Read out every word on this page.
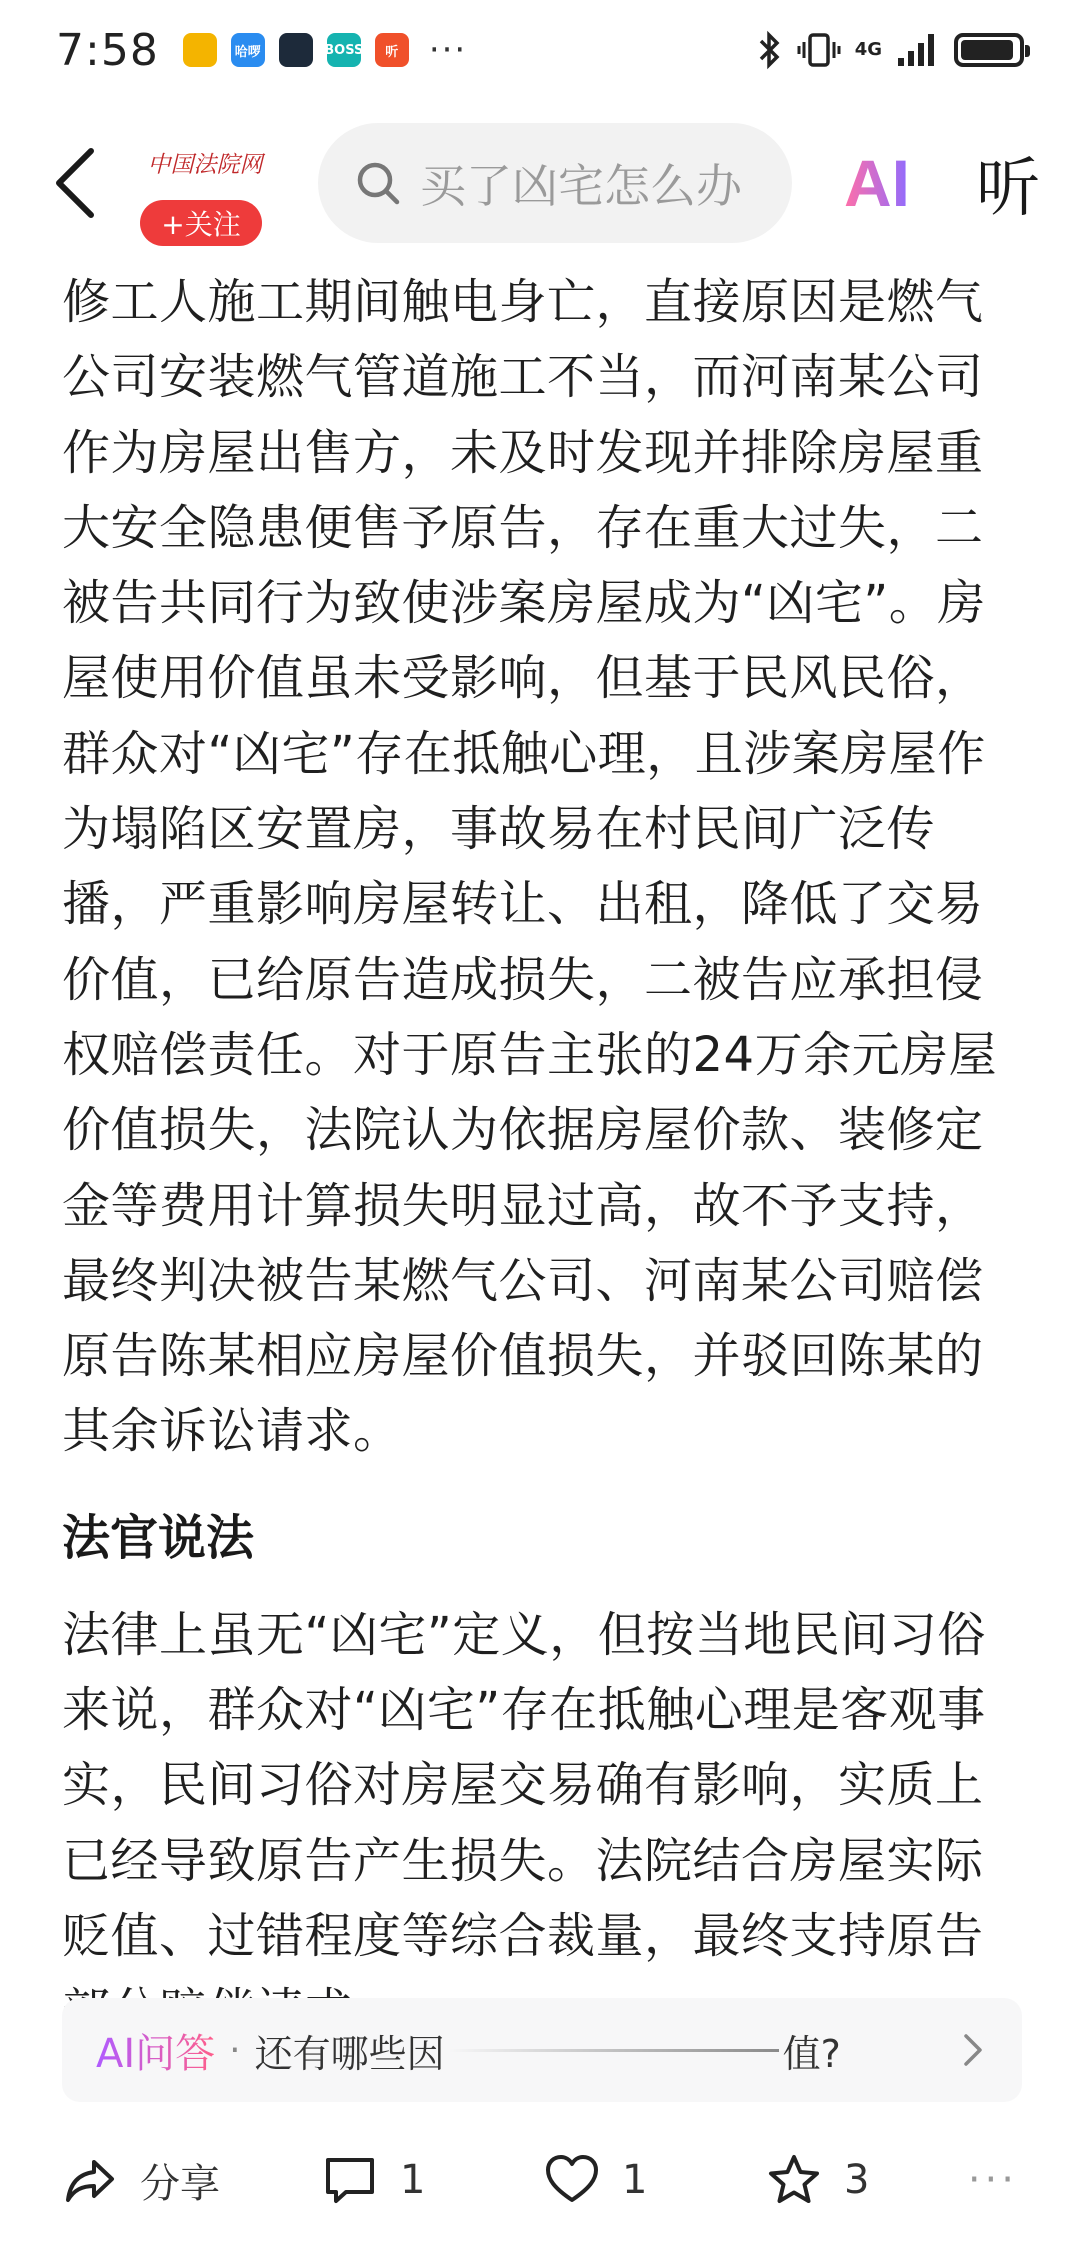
7:58	哈啰	BOSS	听 ···	4G
中国法院网
+关注
买了凶宅怎么办 AI 听

修工人施工期间触电身亡，直接原因是燃气公司安装燃气管道施工不当，而河南某公司作为房屋出售方，未及时发现并排除房屋重大安全隐患便售予原告，存在重大过失，二被告共同行为致使涉案房屋成为“凶宅”。房屋使用价值虽未受影响，但基于民风民俗，群众对“凶宅”存在抵触心理，且涉案房屋作为塌陷区安置房，事故易在村民间广泛传播，严重影响房屋转让、出租，降低了交易价值，已给原告造成损失，二被告应承担侵权赔偿责任。对于原告主张的24万余元房屋价值损失，法院认为依据房屋价款、装修定金等费用计算损失明显过高，故不予支持，最终判决被告某燃气公司、河南某公司赔偿原告陈某相应房屋价值损失，并驳回陈某的其余诉讼请求。

法官说法

法律上虽无“凶宅”定义，但按当地民间习俗来说，群众对“凶宅”存在抵触心理是客观事实，民间习俗对房屋交易确有影响，实质上已经导致原告产生损失。法院结合房屋实际贬值、过错程度等综合裁量，最终支持原告

AI问答 · 还有哪些因	值?
分享	1	1	3 ···
